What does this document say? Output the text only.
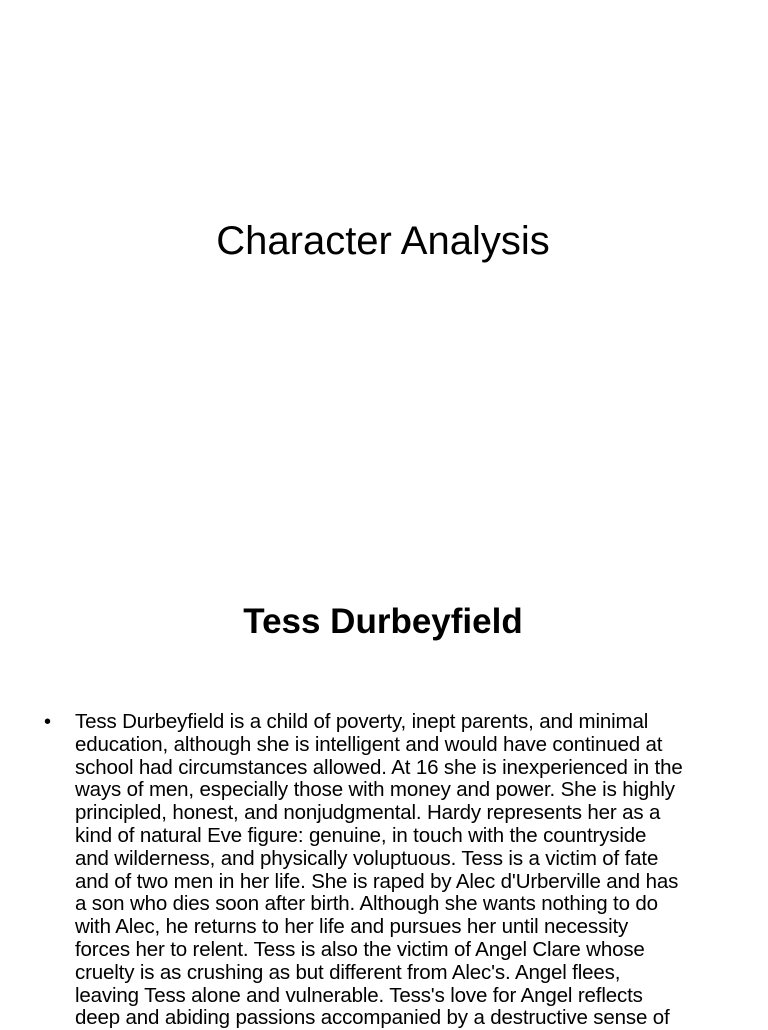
Character Analysis
Tess Durbeyfield
• Tess Durbeyfield is a child of poverty, inept parents, and minimal
education, although she is intelligent and would have continued at
school had circumstances allowed. At 16 she is inexperienced in the
ways of men, especially those with money and power. She is highly
principled, honest, and nonjudgmental. Hardy represents her as a
kind of natural Eve figure: genuine, in touch with the countryside
and wilderness, and physically voluptuous. Tess is a victim of fate
and of two men in her life. She is raped by Alec d'Urberville and has
a son who dies soon after birth. Although she wants nothing to do
with Alec, he returns to her life and pursues her until necessity
forces her to relent. Tess is also the victim of Angel Clare whose
cruelty is as crushing as but different from Alec's. Angel flees,
leaving Tess alone and vulnerable. Tess's love for Angel reflects
deep and abiding passions accompanied by a destructive sense of
